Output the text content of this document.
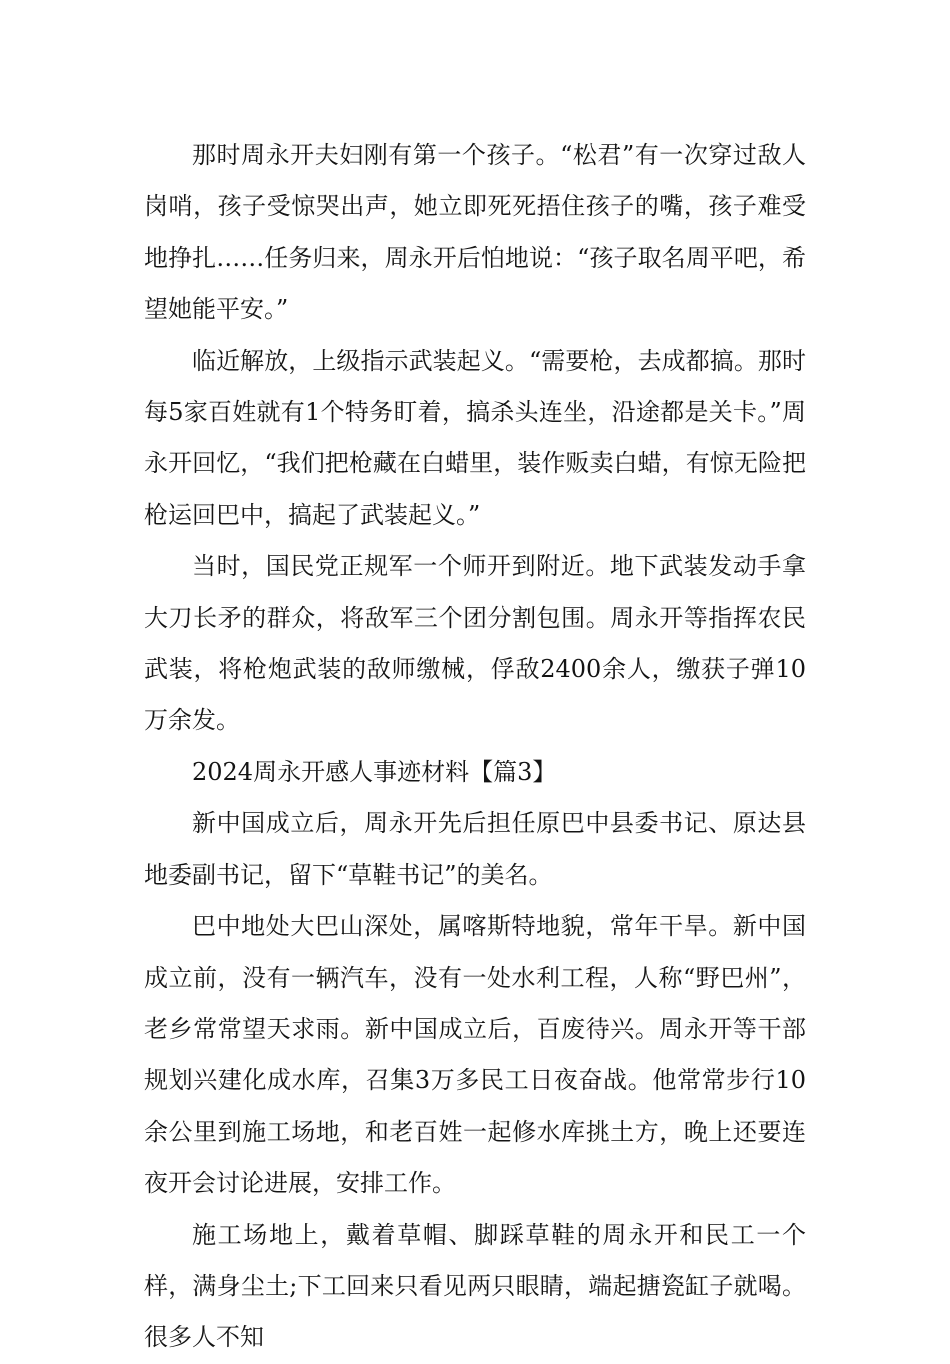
那时周永开夫妇刚有第一个孩子。“松君”有一次穿过敌人岗哨，孩子受惊哭出声，她立即死死捂住孩子的嘴，孩子难受地挣扎……任务归来，周永开后怕地说：“孩子取名周平吧，希望她能平安。”

临近解放，上级指示武装起义。“需要枪，去成都搞。那时每5家百姓就有1个特务盯着，搞杀头连坐，沿途都是关卡。”周永开回忆，“我们把枪藏在白蜡里，装作贩卖白蜡，有惊无险把枪运回巴中，搞起了武装起义。”

当时，国民党正规军一个师开到附近。地下武装发动手拿大刀长矛的群众，将敌军三个团分割包围。周永开等指挥农民武装，将枪炮武装的敌师缴械，俘敌2400余人，缴获子弹10万余发。

2024周永开感人事迹材料【篇3】

新中国成立后，周永开先后担任原巴中县委书记、原达县地委副书记，留下“草鞋书记”的美名。

巴中地处大巴山深处，属喀斯特地貌，常年干旱。新中国成立前，没有一辆汽车，没有一处水利工程，人称“野巴州”，老乡常常望天求雨。新中国成立后，百废待兴。周永开等干部规划兴建化成水库，召集3万多民工日夜奋战。他常常步行10余公里到施工场地，和老百姓一起修水库挑土方，晚上还要连夜开会讨论进展，安排工作。

施工场地上，戴着草帽、脚踩草鞋的周永开和民工一个样，满身尘土;下工回来只看见两只眼睛，端起搪瓷缸子就喝。很多人不知
